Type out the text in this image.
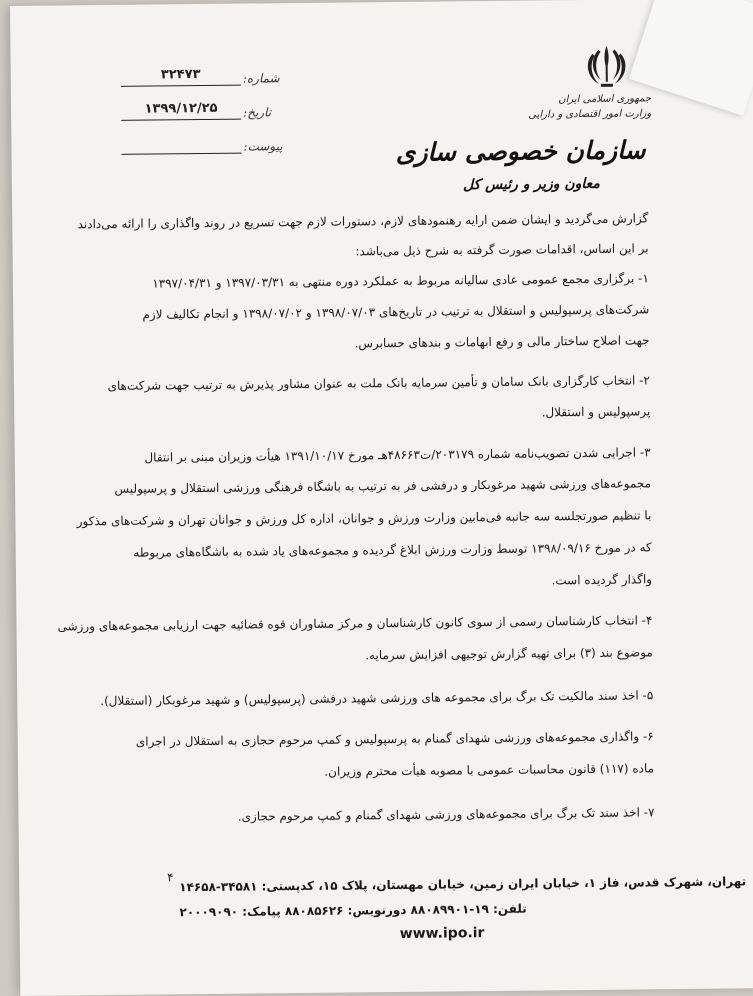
جمهوری اسلامی ایران
وزارت امور اقتصادی و دارایی
سازمان خصوصی سازی
۳۲۴۷۳	شماره:
۱۳۹۹/۱۲/۲۵	تاریخ:
پیوست:
معاون وزیر و رئیس کل
گزارش می‌گردید و ایشان ضمن ارایه رهنمودهای لازم، دستورات لازم جهت تسریع در روند واگذاری را ارائه می‌دادند
بر این اساس، اقدامات صورت گرفته به شرح ذیل می‌باشد:
۱- برگزاری مجمع عمومی عادی سالیانه مربوط به عملکرد دوره منتهی به ۱۳۹۷/۰۳/۳۱ و ۱۳۹۷/۰۴/۳۱
شرکت‌های پرسپولیس و استقلال به ترتیب در تاریخ‌های ۱۳۹۸/۰۷/۰۳ و ۱۳۹۸/۰۷/۰۲ و انجام تکالیف لازم
جهت اصلاح ساختار مالی و رفع ابهامات و بندهای حسابرس.
۲- انتخاب کارگزاری بانک سامان و تأمین سرمایه بانک ملت به عنوان مشاور پذیرش به ترتیب جهت شرکت‌های
پرسپولیس و استقلال.
۳- اجرایی شدن تصویب‌نامه شماره ۲۰۳۱۷۹/ت۴۸۶۶۳هـ مورخ ۱۳۹۱/۱۰/۱۷ هیأت وزیران مبنی بر انتقال
مجموعه‌های ورزشی شهید مرغوبکار و درفشی فر به ترتیب به باشگاه فرهنگی ورزشی استقلال و پرسپولیس
با تنظیم صورتجلسه سه جانبه فی‌مابین وزارت ورزش و جوانان، اداره کل ورزش و جوانان تهران و شرکت‌های مذکور
که در مورخ ۱۳۹۸/۰۹/۱۶ توسط وزارت ورزش ابلاغ گردیده و مجموعه‌های یاد شده به باشگاه‌های مربوطه
واگذار گردیده است.
۴- انتخاب کارشناسان رسمی از سوی کانون کارشناسان و مرکز مشاوران قوه قضائیه جهت ارزیابی مجموعه‌های ورزشی
موضوع بند (۳) برای تهیه گزارش توجیهی افزایش سرمایه.
۵- اخذ سند مالکیت تک برگ برای مجموعه های ورزشی شهید درفشی (پرسپولیس) و شهید مرغوبکار (استقلال).
۶- واگذاری مجموعه‌های ورزشی شهدای گمنام به پرسپولیس و کمپ مرحوم حجازی به استقلال در اجرای
ماده (۱۱۷) قانون محاسبات عمومی با مصوبه هیأت محترم وزیران.
۷- اخذ سند تک برگ برای مجموعه‌های ورزشی شهدای گمنام و کمپ مرحوم حجازی.
۴
تهران، شهرک قدس، فاز ۱، خیابان ایران زمین، خیابان مهستان، پلاک ۱۵، کدپستی: ۳۴۵۸۱-۱۴۶۵۸
تلفن: ۱۹-۸۸۰۸۹۹۰۱ دورنویس: ۸۸۰۸۵۶۲۶ پیامک: ۲۰۰۰۹۰۹۰
www.ipo.ir
